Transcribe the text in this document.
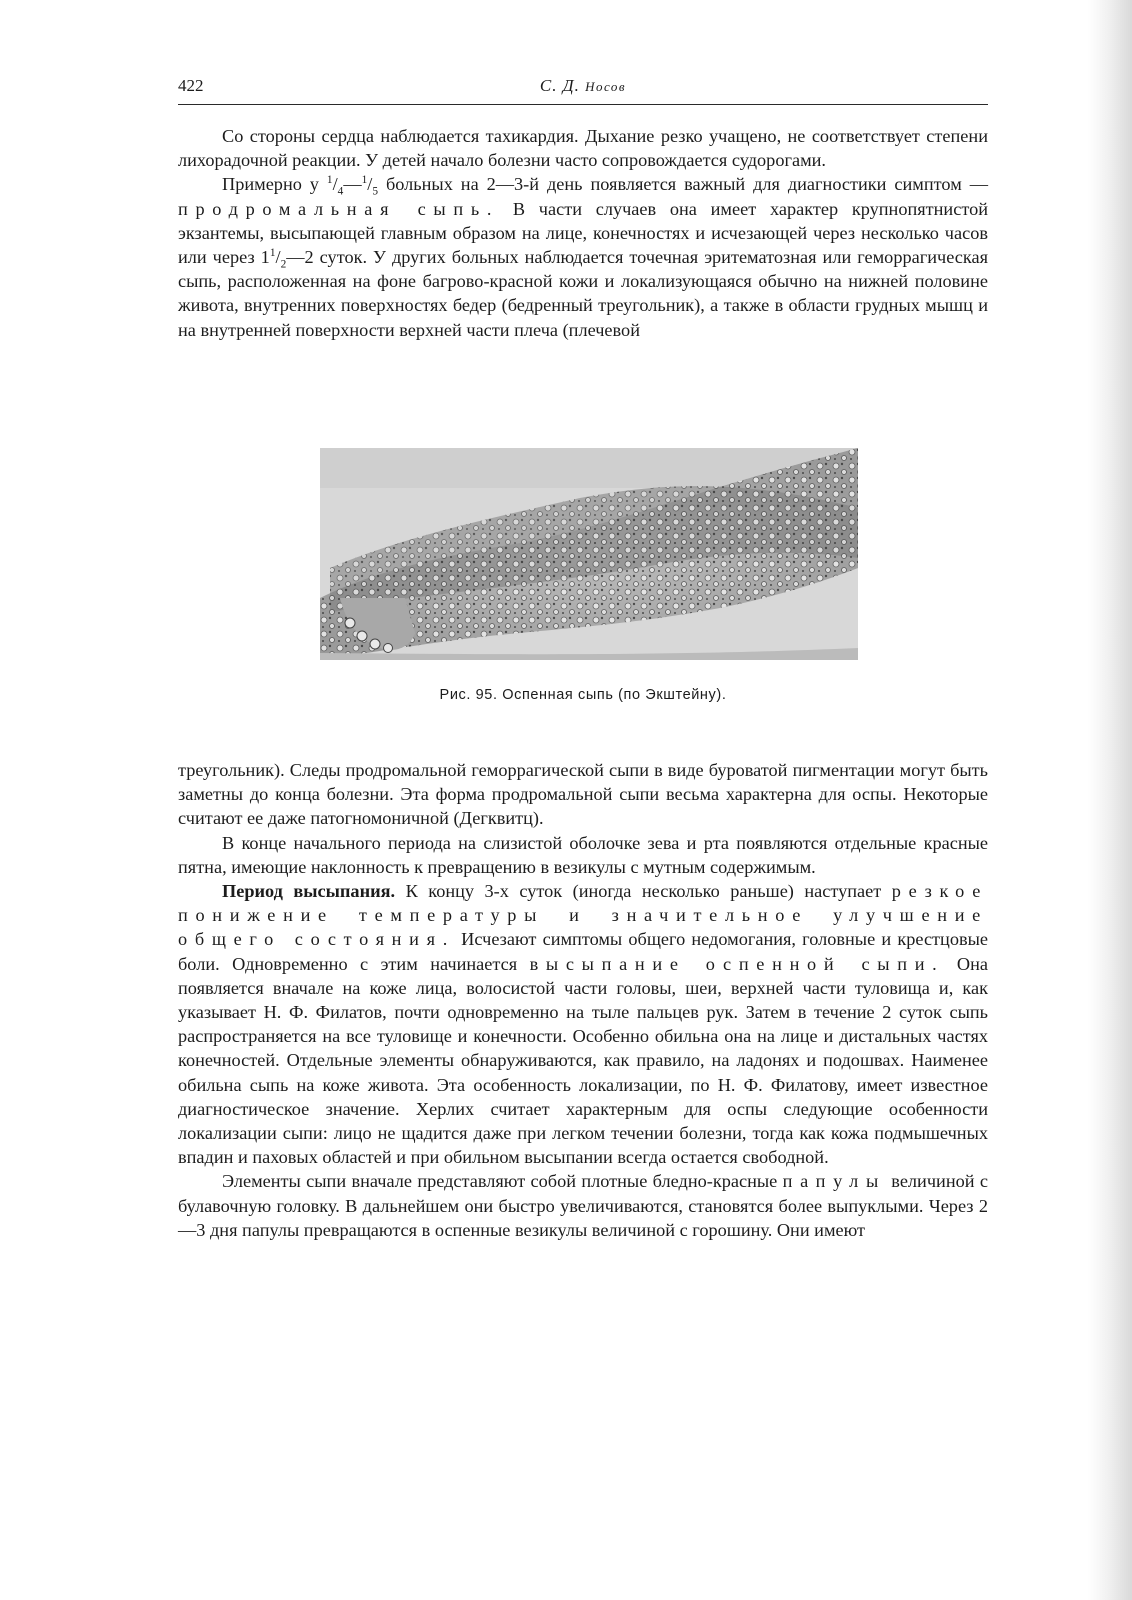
422	С. Д. Носов

Со стороны сердца наблюдается тахикардия. Дыхание резко учащено, не соответствует степени лихорадочной реакции. У детей начало болезни часто сопровождается судорогами.

Примерно у $^1/_4—^1/_5$ больных на 2—3-й день появляется важный для диагностики симптом — продромальная сыпь. В части случаев она имеет характер крупнопятнистой экзантемы, высыпающей главным образом на лице, конечностях и исчезающей через несколько часов или через $1^1/_2—2$ суток. У других больных наблюдается точечная эритематозная или геморрагическая сыпь, расположенная на фоне багрово-красной кожи и локализующаяся обычно на нижней половине живота, внутренних поверхностях бедер (бедренный треугольник), а также в области грудных мышц и на внутренней поверхности верхней части плеча (плечевой

Рис. 95. Оспенная сыпь (по Экштейну).

треугольник). Следы продромальной геморрагической сыпи в виде буроватой пигментации могут быть заметны до конца болезни. Эта форма продромальной сыпи весьма характерна для оспы. Некоторые считают ее даже патогномоничной (Дегквитц).

В конце начального периода на слизистой оболочке зева и рта появляются отдельные красные пятна, имеющие наклонность к превращению в везикулы с мутным содержимым.

Период высыпания. К концу 3-х суток (иногда несколько раньше) наступает резкое понижение температуры и значительное улучшение общего состояния. Исчезают симптомы общего недомогания, головные и крестцовые боли. Одновременно с этим начинается высыпание оспенной сыпи. Она появляется вначале на коже лица, волосистой части головы, шеи, верхней части туловища и, как указывает Н. Ф. Филатов, почти одновременно на тыле пальцев рук. Затем в течение 2 суток сыпь распространяется на все туловище и конечности. Особенно обильна она на лице и дистальных частях конечностей. Отдельные элементы обнаруживаются, как правило, на ладонях и подошвах. Наименее обильна сыпь на коже живота. Эта особенность локализации, по Н. Ф. Филатову, имеет известное диагностическое значение. Херлих считает характерным для оспы следующие особенности локализации сыпи: лицо не щадится даже при легком течении болезни, тогда как кожа подмышечных впадин и паховых областей и при обильном высыпании всегда остается свободной.

Элементы сыпи вначале представляют собой плотные бледно-красные папулы величиной с булавочную головку. В дальнейшем они быстро увеличиваются, становятся более выпуклыми. Через 2—3 дня папулы превращаются в оспенные везикулы величиной с горошину. Они имеют
